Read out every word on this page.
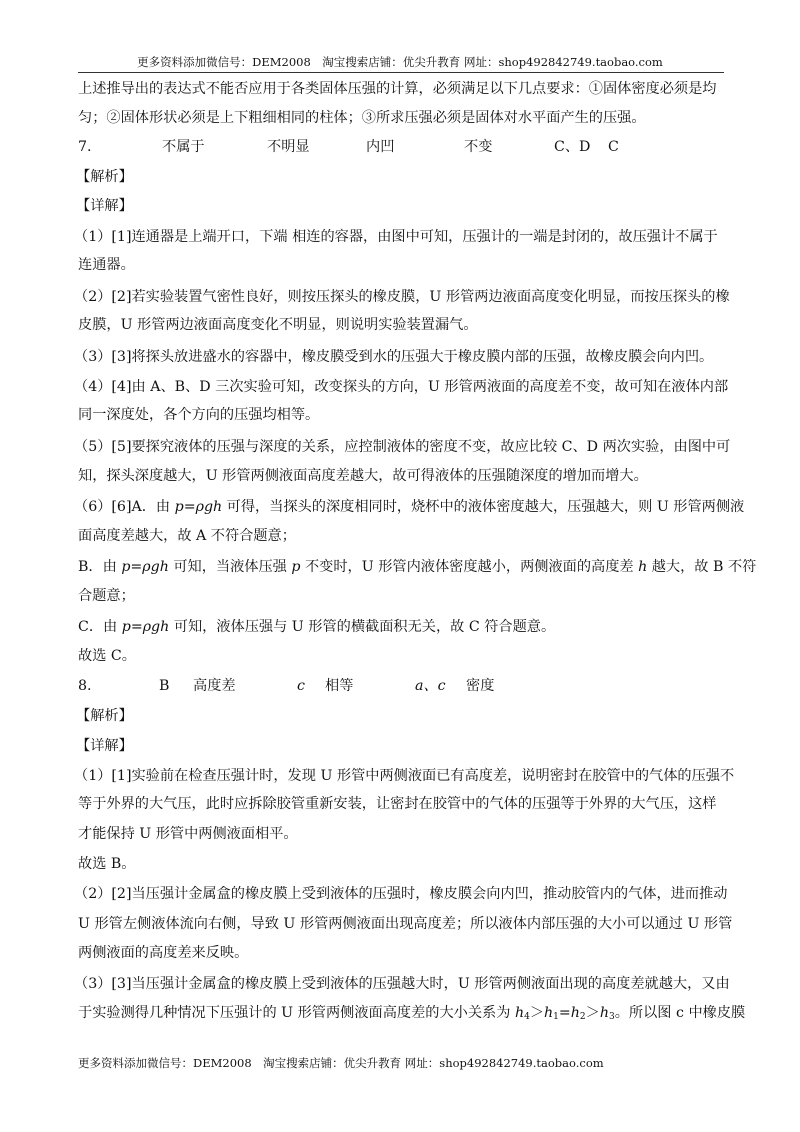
更多资料添加微信号：DEM2008　淘宝搜索店铺：优尖升教育 网址：shop492842749.taobao.com
上述推导出的表达式不能否应用于各类固体压强的计算，必须满足以下几点要求：①固体密度必须是均
匀；②固体形状必须是上下粗细相同的柱体；③所求压强必须是固体对水平面产生的压强。
7.	不属于	不明显	内凹	不变	C、D C
【解析】
【详解】
（1）[1]连通器是上端开口，下端 相连的容器，由图中可知，压强计的一端是封闭的，故压强计不属于
连通器。
（2）[2]若实验装置气密性良好，则按压探头的橡皮膜，U 形管两边液面高度变化明显，而按压探头的橡
皮膜，U 形管两边液面高度变化不明显，则说明实验装置漏气。
（3）[3]将探头放进盛水的容器中，橡皮膜受到水的压强大于橡皮膜内部的压强，故橡皮膜会向内凹。
（4）[4]由 A、B、D 三次实验可知，改变探头的方向，U 形管两液面的高度差不变，故可知在液体内部
同一深度处，各个方向的压强均相等。
（5）[5]要探究液体的压强与深度的关系，应控制液体的密度不变，故应比较 C、D 两次实验，由图中可
知，探头深度越大，U 形管两侧液面高度差越大，故可得液体的压强随深度的增加而增大。
（6）[6]A．由 p=ρgh 可得，当探头的深度相同时，烧杯中的液体密度越大，压强越大，则 U 形管两侧液
面高度差越大，故 A 不符合题意；
B．由 p=ρgh 可知，当液体压强 p 不变时，U 形管内液体密度越小，两侧液面的高度差 h 越大，故 B 不符
合题意；
C．由 p=ρgh 可知，液体压强与 U 形管的横截面积无关，故 C 符合题意。
故选 C。
8.	B 高度差	c 相等	a、c 密度
【解析】
【详解】
（1）[1]实验前在检查压强计时，发现 U 形管中两侧液面已有高度差，说明密封在胶管中的气体的压强不
等于外界的大气压，此时应拆除胶管重新安装，让密封在胶管中的气体的压强等于外界的大气压，这样
才能保持 U 形管中两侧液面相平。
故选 B。
（2）[2]当压强计金属盒的橡皮膜上受到液体的压强时，橡皮膜会向内凹，推动胶管内的气体，进而推动
U 形管左侧液体流向右侧，导致 U 形管两侧液面出现高度差；所以液体内部压强的大小可以通过 U 形管
两侧液面的高度差来反映。
（3）[3]当压强计金属盒的橡皮膜上受到液体的压强越大时，U 形管两侧液面出现的高度差就越大，又由
于实验测得几种情况下压强计的 U 形管两侧液面高度差的大小关系为 $h_4>h_1=h_2>h_3$。所以图 c 中橡皮膜
更多资料添加微信号：DEM2008　淘宝搜索店铺：优尖升教育 网址：shop492842749.taobao.com
